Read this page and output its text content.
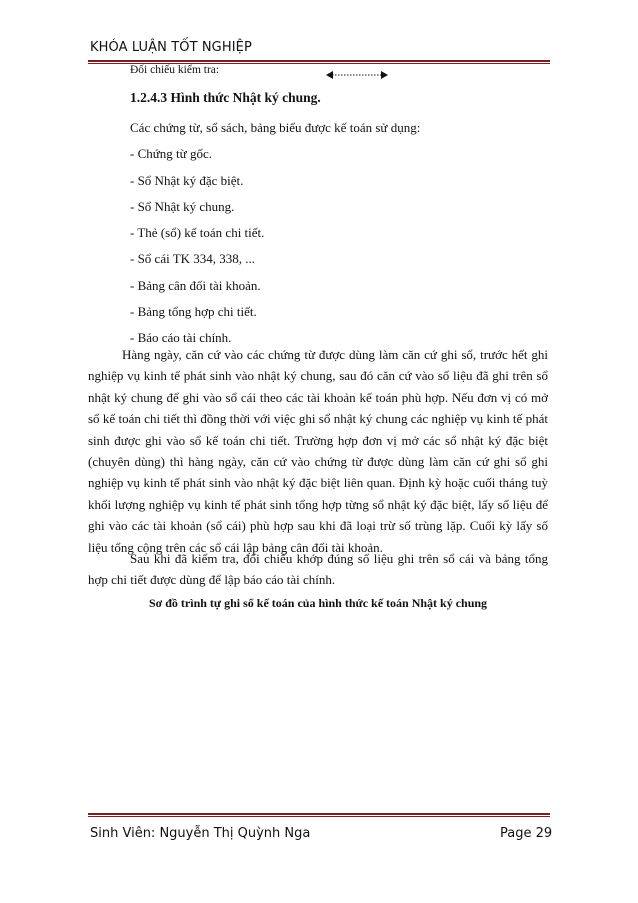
KHÓA LUẬN TỐT NGHIỆP
Đối chiếu kiểm tra:
1.2.4.3 Hình thức Nhật ký chung.
Các chứng từ, sổ sách, bảng biểu được kế toán sử dụng:
- Chứng từ gốc.
- Sổ Nhật ký đặc biệt.
- Sổ Nhật ký chung.
- Thẻ (sổ) kế toán chi tiết.
- Sổ cái TK 334, 338, ...
- Bảng cân đối tài khoản.
- Bảng tổng hợp chi tiết.
- Báo cáo tài chính.

Hàng ngày, căn cứ vào các chứng từ được dùng làm căn cứ ghi sổ, trước hết ghi nghiệp vụ kinh tế phát sinh vào nhật ký chung, sau đó căn cứ vào số liệu đã ghi trên sổ nhật ký chung để ghi vào sổ cái theo các tài khoản kế toán phù hợp. Nếu đơn vị có mở sổ kế toán chi tiết thì đồng thời với việc ghi sổ nhật ký chung các nghiệp vụ kinh tế phát sinh được ghi vào sổ kế toán chi tiết. Trường hợp đơn vị mở các sổ nhật ký đặc biệt (chuyên dùng) thì hàng ngày, căn cứ vào chứng từ được dùng làm căn cứ ghi sổ ghi nghiệp vụ kinh tế phát sinh vào nhật ký đặc biệt liên quan. Định kỳ hoặc cuối tháng tuỳ khối lượng nghiệp vụ kinh tế phát sinh tổng hợp từng sổ nhật ký đặc biệt, lấy số liệu để ghi vào các tài khoản (sổ cái) phù hợp sau khi đã loại trừ số trùng lặp. Cuối kỳ lấy số liệu tổng cộng trên các sổ cái lập bảng cân đối tài khoản.

Sau khi đã kiểm tra, đối chiếu khớp đúng số liệu ghi trên sổ cái và bảng tổng hợp chi tiết được dùng để lập báo cáo tài chính.

Sơ đồ trình tự ghi sổ kế toán của hình thức kế toán Nhật ký chung
Sinh Viên: Nguyễn Thị Quỳnh Nga	Page 29
